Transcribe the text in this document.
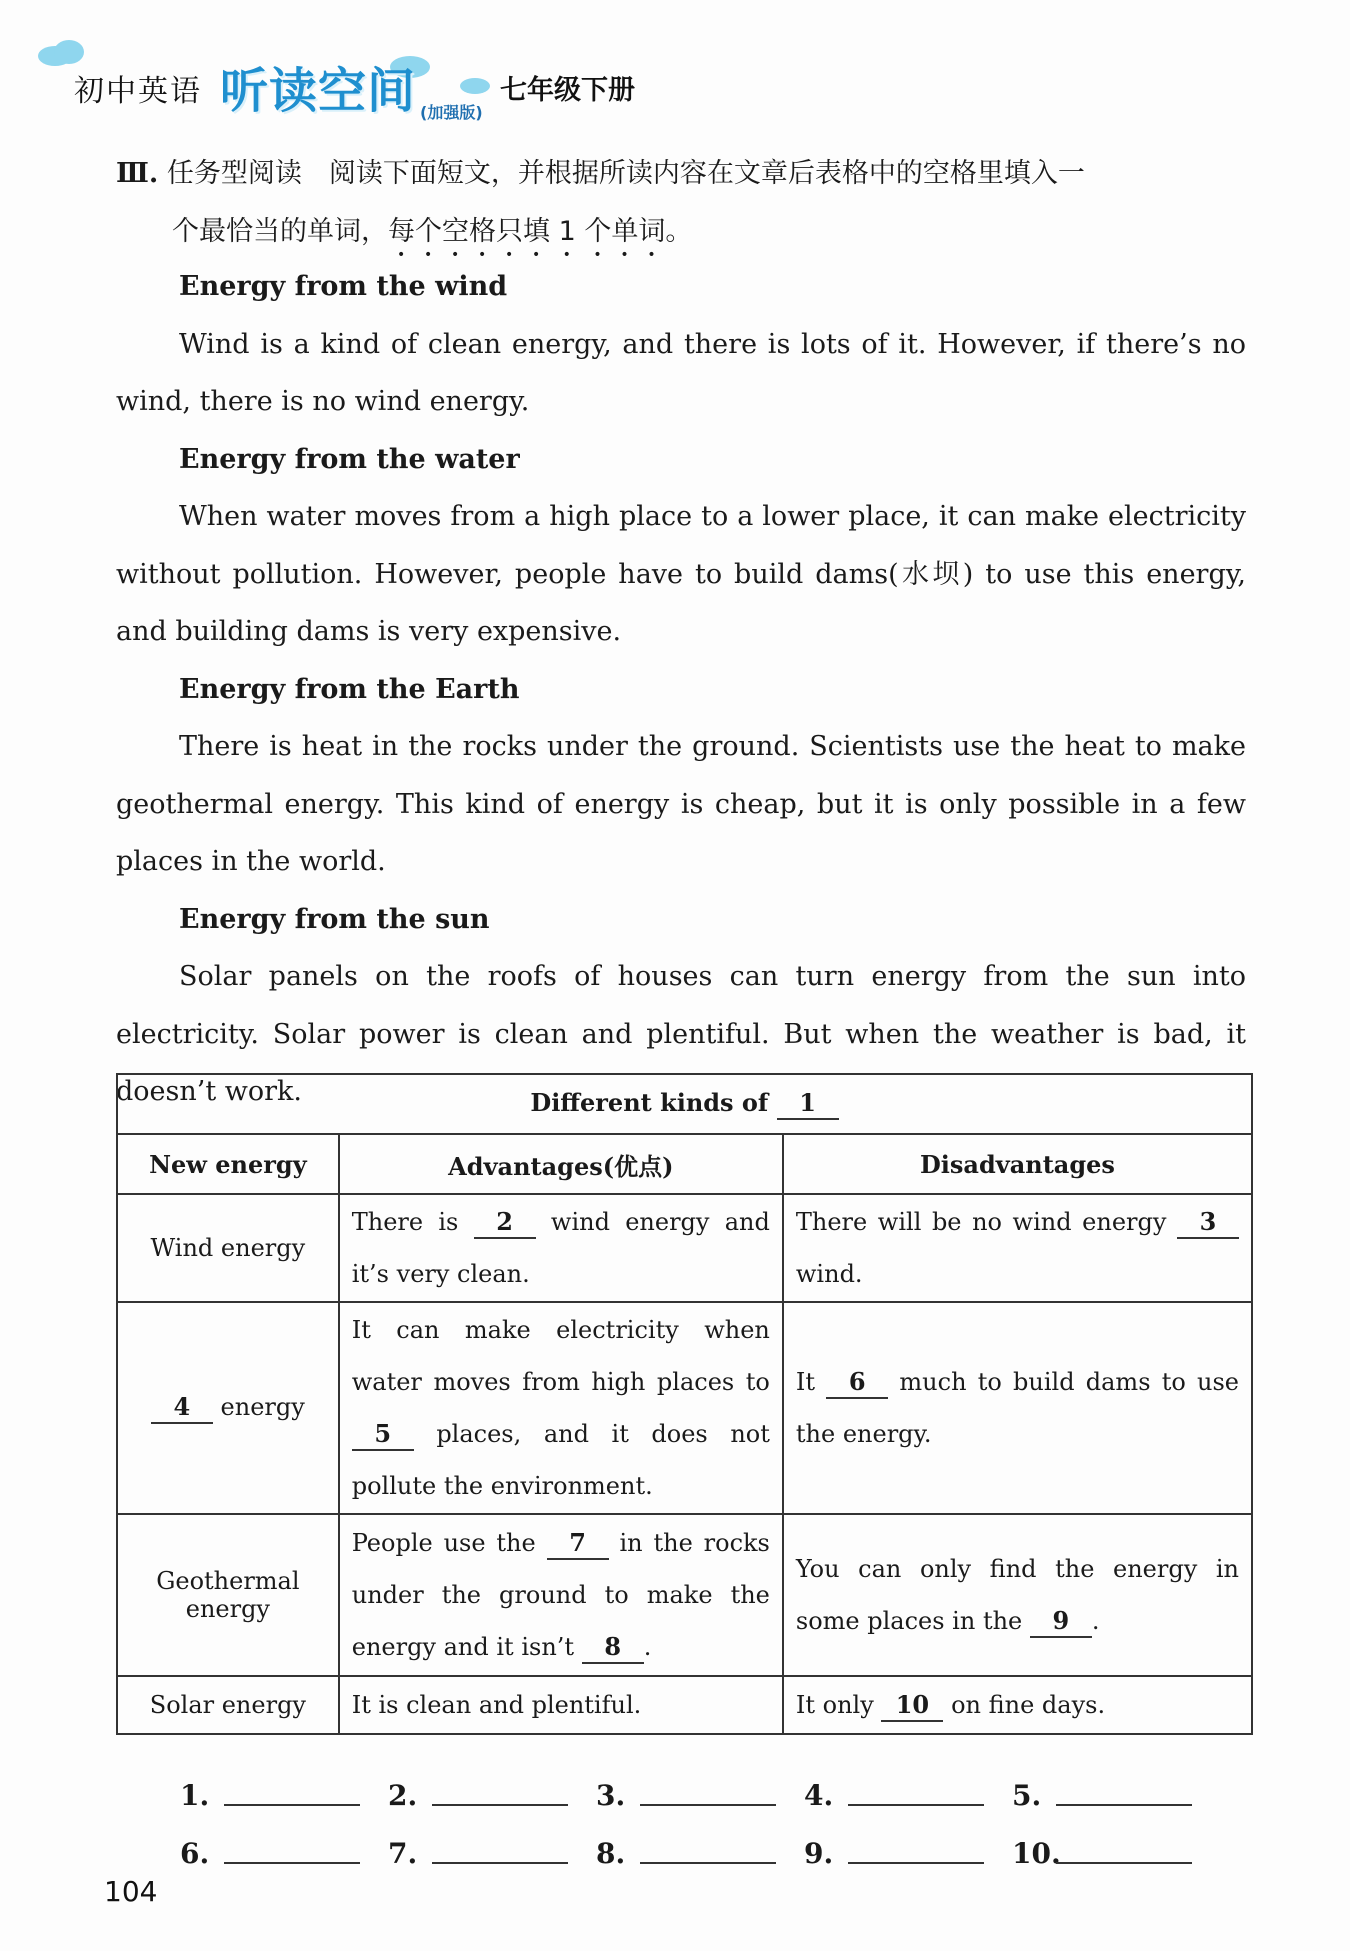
初中英语 听读空间 (加强版)
七年级下册
Ⅲ. 任务型阅读　阅读下面短文，并根据所读内容在文章后表格中的空格里填入一
个最恰当的单词，每个空格只填 1 个单词。
Energy from the wind

Wind is a kind of clean energy, and there is lots of it. However, if there’s no wind, there is no wind energy.

Energy from the water

When water moves from a high place to a lower place, it can make electricity without pollution. However, people have to build dams(水坝) to use this energy, and building dams is very expensive.

Energy from the Earth

There is heat in the rocks under the ground. Scientists use the heat to make geothermal energy. This kind of energy is cheap, but it is only possible in a few places in the world.

Energy from the sun

Solar panels on the roofs of houses can turn energy from the sun into electricity. Solar power is clean and plentiful. But when the weather is bad, it doesn’t work.	Different kinds of 1		
New energy	Advantages(优点)	Disadvantages
Wind energy	There is 2 wind energy and it’s very clean.	There will be no wind energy 3 wind.
4 energy	It can make electricity when water moves from high places to 5 places, and it does not pollute the environment.	It 6 much to build dams to use the energy.
Geothermal energy	People use the 7 in the rocks under the ground to make the energy and it isn’t 8 .	You can only find the energy in some places in the 9 .
Solar energy	It is clean and plentiful.	It only 10 on fine days.
1.	2.	3.	4.	5.
6.	7.	8.	9.	10.
104
